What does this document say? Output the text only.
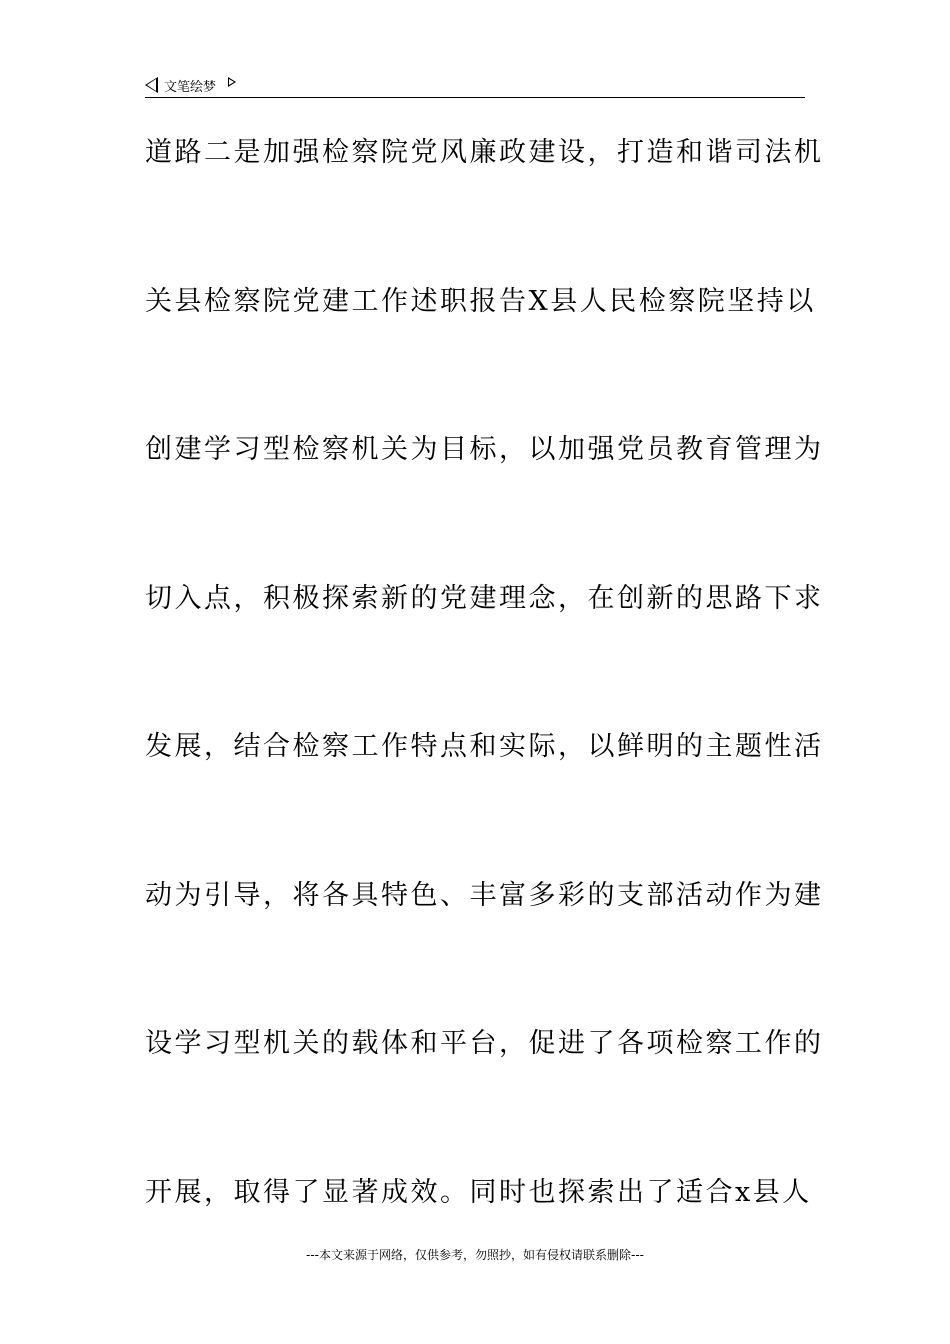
文笔绘梦
道路二是加强检察院党风廉政建设，打造和谐司法机
关县检察院党建工作述职报告X县人民检察院坚持以
创建学习型检察机关为目标，以加强党员教育管理为
切入点，积极探索新的党建理念，在创新的思路下求
发展，结合检察工作特点和实际，以鲜明的主题性活
动为引导，将各具特色、丰富多彩的支部活动作为建
设学习型机关的载体和平台，促进了各项检察工作的
开展，取得了显著成效。同时也探索出了适合x县人
---本文来源于网络，仅供参考，勿照抄，如有侵权请联系删除---
